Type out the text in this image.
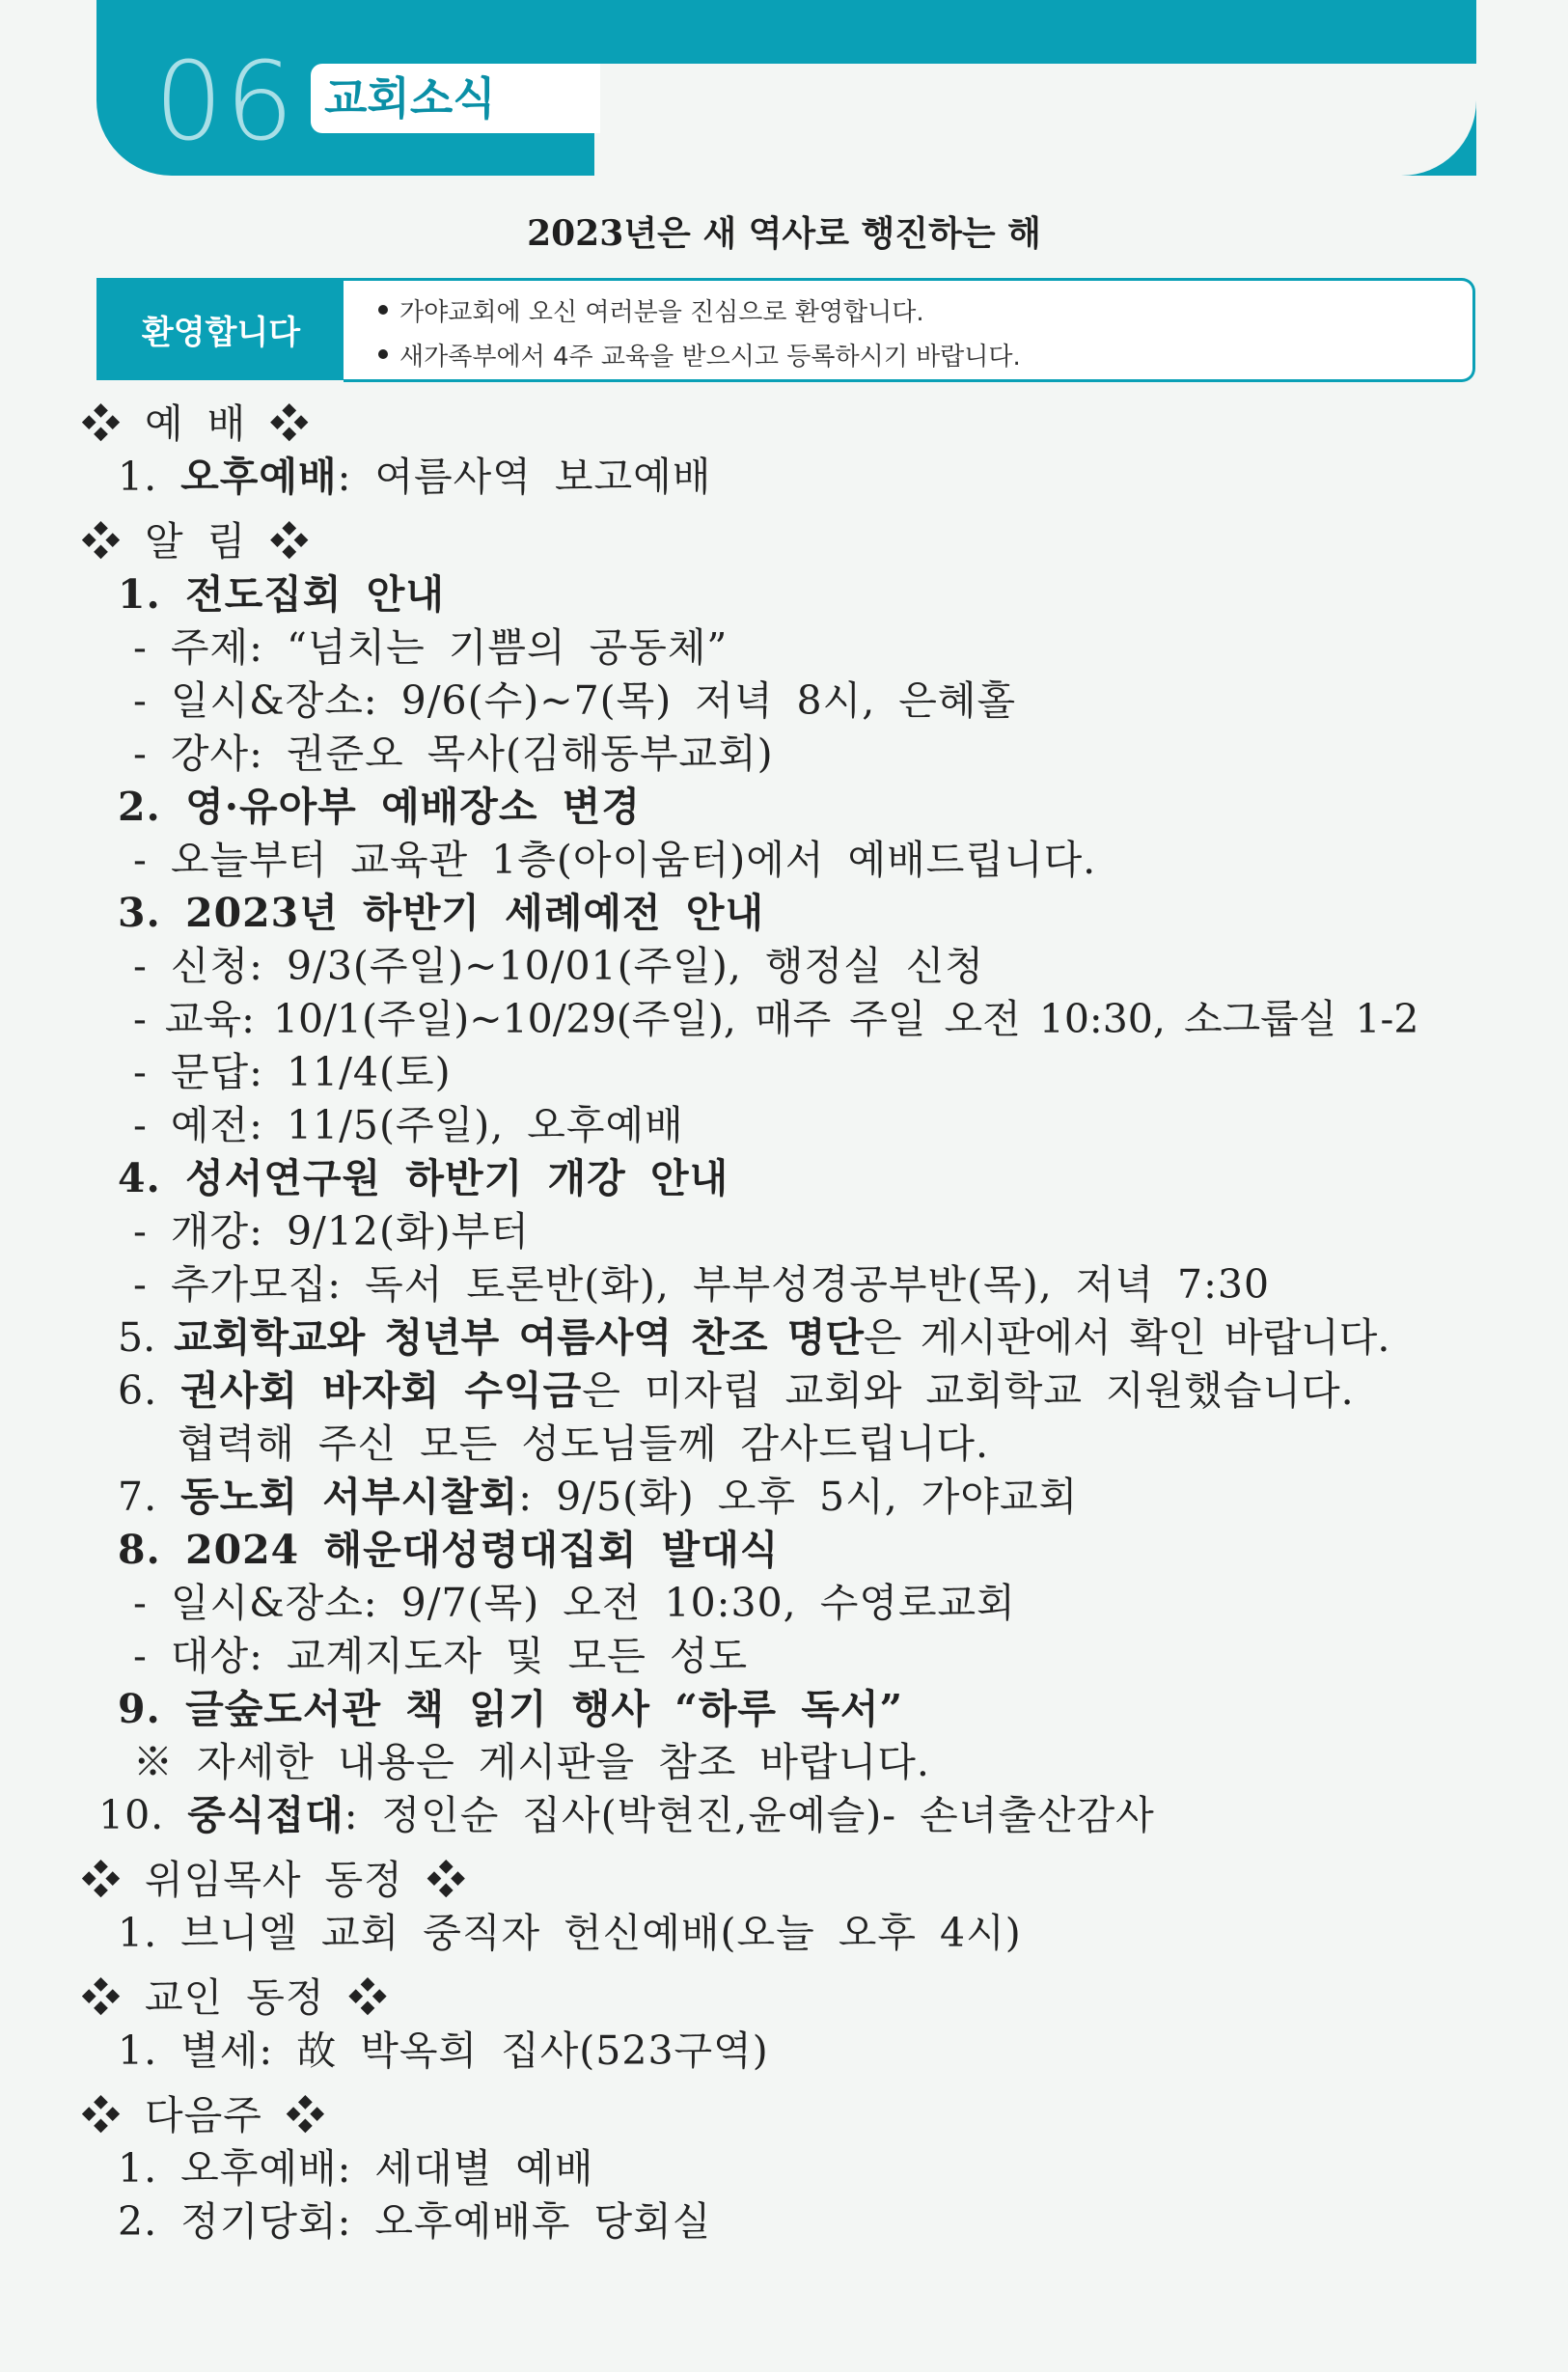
06 교회소식
2023년은 새 역사로 행진하는 해
환영합니다
가야교회에 오신 여러분을 진심으로 환영합니다.
새가족부에서 4주 교육을 받으시고 등록하시기 바랍니다.
❖ 예 배 ❖
1. 오후예배: 여름사역 보고예배
❖ 알 림 ❖
1. 전도집회 안내
- 주제: “넘치는 기쁨의 공동체”
- 일시&장소: 9/6(수)~7(목) 저녁 8시, 은혜홀
- 강사: 권준오 목사(김해동부교회)
2. 영·유아부 예배장소 변경
- 오늘부터 교육관 1층(아이움터)에서 예배드립니다.
3. 2023년 하반기 세례예전 안내
- 신청: 9/3(주일)~10/01(주일), 행정실 신청
- 교육: 10/1(주일)~10/29(주일), 매주 주일 오전 10:30, 소그룹실 1-2
- 문답: 11/4(토)
- 예전: 11/5(주일), 오후예배
4. 성서연구원 하반기 개강 안내
- 개강: 9/12(화)부터
- 추가모집: 독서 토론반(화), 부부성경공부반(목), 저녁 7:30
5. 교회학교와 청년부 여름사역 찬조 명단은 게시판에서 확인 바랍니다.
6. 권사회 바자회 수익금은 미자립 교회와 교회학교 지원했습니다.
협력해 주신 모든 성도님들께 감사드립니다.
7. 동노회 서부시찰회: 9/5(화) 오후 5시, 가야교회
8. 2024 해운대성령대집회 발대식
- 일시&장소: 9/7(목) 오전 10:30, 수영로교회
- 대상: 교계지도자 및 모든 성도
9. 글숲도서관 책 읽기 행사 “하루 독서”
※ 자세한 내용은 게시판을 참조 바랍니다.
10. 중식접대: 정인순 집사(박현진,윤예슬)- 손녀출산감사
❖ 위임목사 동정 ❖
1. 브니엘 교회 중직자 헌신예배(오늘 오후 4시)
❖ 교인 동정 ❖
1. 별세: 故 박옥희 집사(523구역)
❖ 다음주 ❖
1. 오후예배: 세대별 예배
2. 정기당회: 오후예배후 당회실
